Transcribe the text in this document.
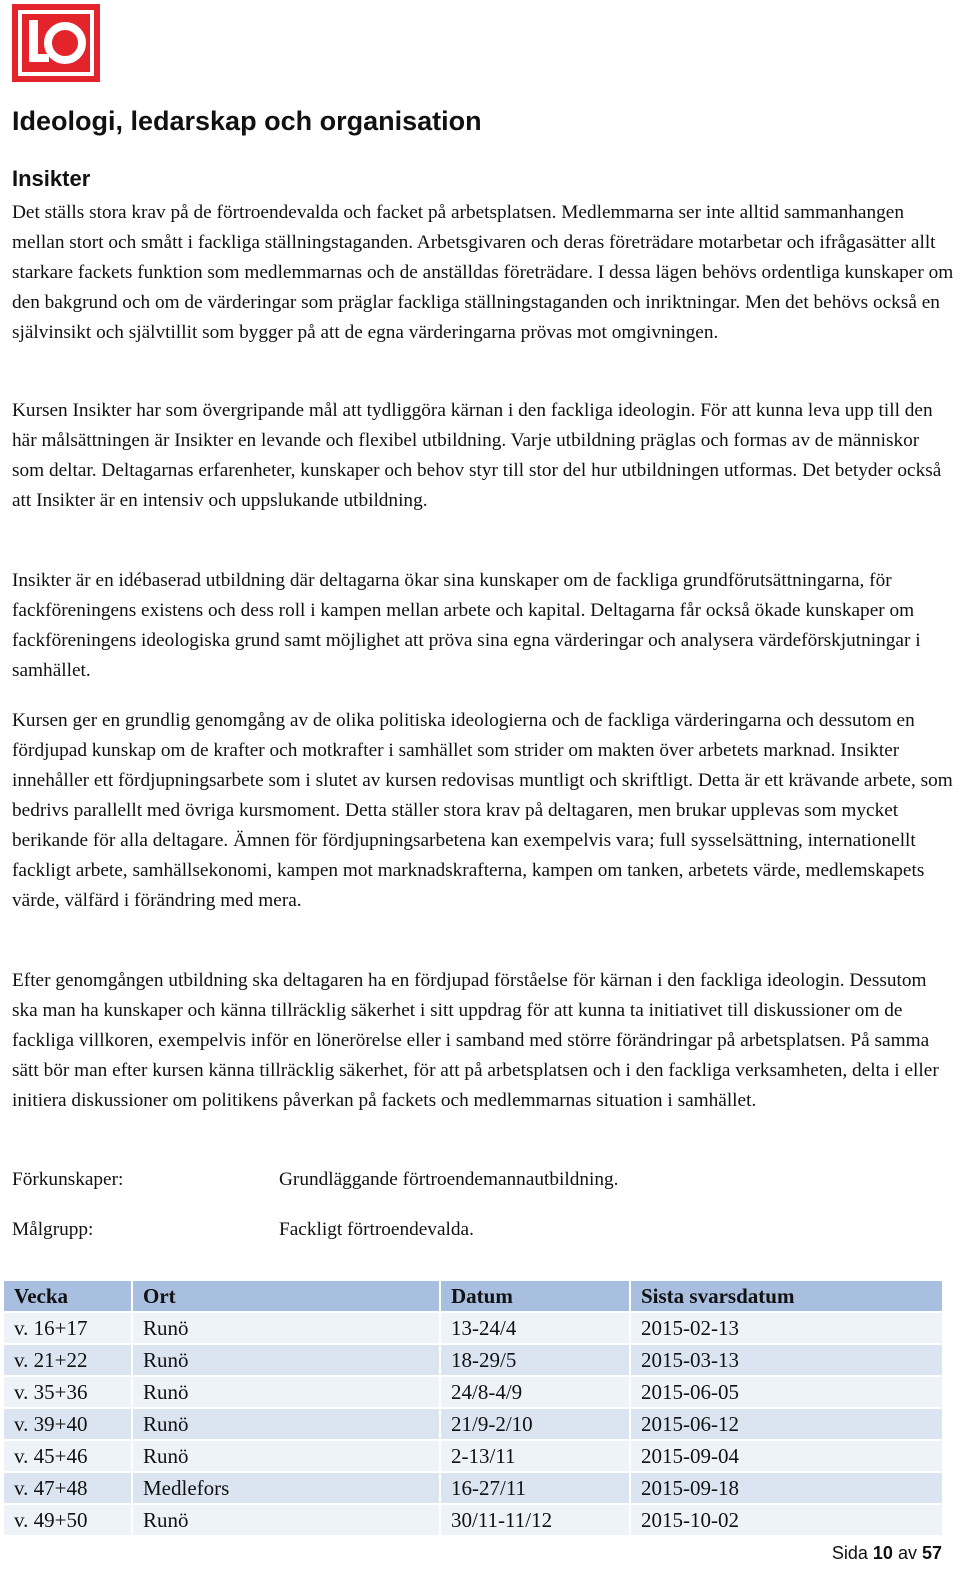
Ideologi, ledarskap och organisation
Insikter

Det ställs stora krav på de förtroendevalda och facket på arbetsplatsen. Medlemmarna ser inte alltid sammanhangen mellan stort och smått i fackliga ställningstaganden. Arbetsgivaren och deras företrädare motarbetar och ifrågasätter allt starkare fackets funktion som medlemmarnas och de anställdas företrädare. I dessa lägen behövs ordentliga kunskaper om den bakgrund och om de värderingar som präglar fackliga ställningstaganden och inriktningar. Men det behövs också en självinsikt och självtillit som bygger på att de egna värderingarna prövas mot omgivningen.

Kursen Insikter har som övergripande mål att tydliggöra kärnan i den fackliga ideologin. För att kunna leva upp till den här målsättningen är Insikter en levande och flexibel utbildning. Varje utbildning präglas och formas av de människor som deltar. Deltagarnas erfarenheter, kunskaper och behov styr till stor del hur utbildningen utformas. Det betyder också att Insikter är en intensiv och uppslukande utbildning.

Insikter är en idébaserad utbildning där deltagarna ökar sina kunskaper om de fackliga grundförutsättningarna, för fackföreningens existens och dess roll i kampen mellan arbete och kapital. Deltagarna får också ökade kunskaper om fackföreningens ideologiska grund samt möjlighet att pröva sina egna värderingar och analysera värdeförskjutningar i samhället.

Kursen ger en grundlig genomgång av de olika politiska ideologierna och de fackliga värderingarna och dessutom en fördjupad kunskap om de krafter och motkrafter i samhället som strider om makten över arbetets marknad. Insikter innehåller ett fördjupningsarbete som i slutet av kursen redovisas muntligt och skriftligt. Detta är ett krävande arbete, som bedrivs parallellt med övriga kursmoment. Detta ställer stora krav på deltagaren, men brukar upplevas som mycket berikande för alla deltagare. Ämnen för fördjupningsarbetena kan exempelvis vara; full sysselsättning, internationellt fackligt arbete, samhällsekonomi, kampen mot marknadskrafterna, kampen om tanken, arbetets värde, medlemskapets värde, välfärd i förändring med mera.

Efter genomgången utbildning ska deltagaren ha en fördjupad förståelse för kärnan i den fackliga ideologin. Dessutom ska man ha kunskaper och känna tillräcklig säkerhet i sitt uppdrag för att kunna ta initiativet till diskussioner om de fackliga villkoren, exempelvis inför en lönerörelse eller i samband med större förändringar på arbetsplatsen. På samma sätt bör man efter kursen känna tillräcklig säkerhet, för att på arbetsplatsen och i den fackliga verksamheten, delta i eller initiera diskussioner om politikens påverkan på fackets och medlemmarnas situation i samhället.

Förkunskaper:	Grundläggande förtroendemannautbildning.
Målgrupp:	Fackligt förtroendevalda.
Vecka	Ort	Datum	Sista svarsdatum
v. 16+17	Runö	13-24/4	2015-02-13
v. 21+22	Runö	18-29/5	2015-03-13
v. 35+36	Runö	24/8-4/9	2015-06-05
v. 39+40	Runö	21/9-2/10	2015-06-12
v. 45+46	Runö	2-13/11	2015-09-04
v. 47+48	Medlefors	16-27/11	2015-09-18
v. 49+50	Runö	30/11-11/12	2015-10-02
Sida 10 av 57
